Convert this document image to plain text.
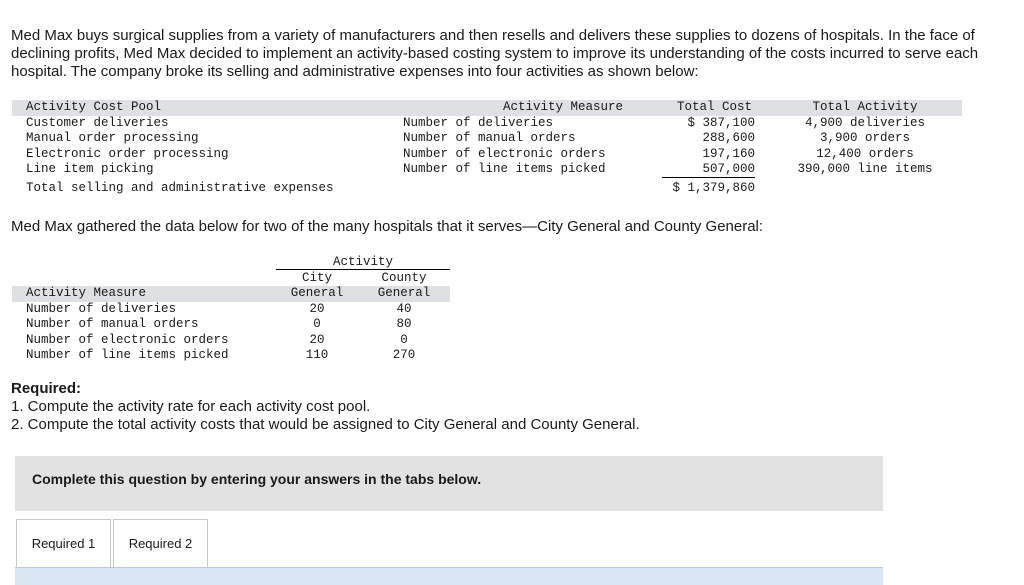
Med Max buys surgical supplies from a variety of manufacturers and then resells and delivers these supplies to dozens of hospitals. In the face of declining profits, Med Max decided to implement an activity-based costing system to improve its understanding of the costs incurred to serve each hospital. The company broke its selling and administrative expenses into four activities as shown below:

Activity Cost Pool	Activity Measure	Total Cost	Total Activity
Customer deliveries	Number of deliveries	$ 387,100	4,900 deliveries
Manual order processing	Number of manual orders	288,600	3,900 orders
Electronic order processing	Number of electronic orders	197,160	12,400 orders
Line item picking	Number of line items picked	507,000	390,000 line items
Total selling and administrative expenses	$ 1,379,860

Med Max gathered the data below for two of the many hospitals that it serves—City General and County General:

Activity
City	County
Activity Measure	General	General
Number of deliveries	20	40
Number of manual orders	0	80
Number of electronic orders	20	0
Number of line items picked	110	270
Required:
1. Compute the activity rate for each activity cost pool.
2. Compute the total activity costs that would be assigned to City General and County General.
Complete this question by entering your answers in the tabs below.
Required 1	Required 2
